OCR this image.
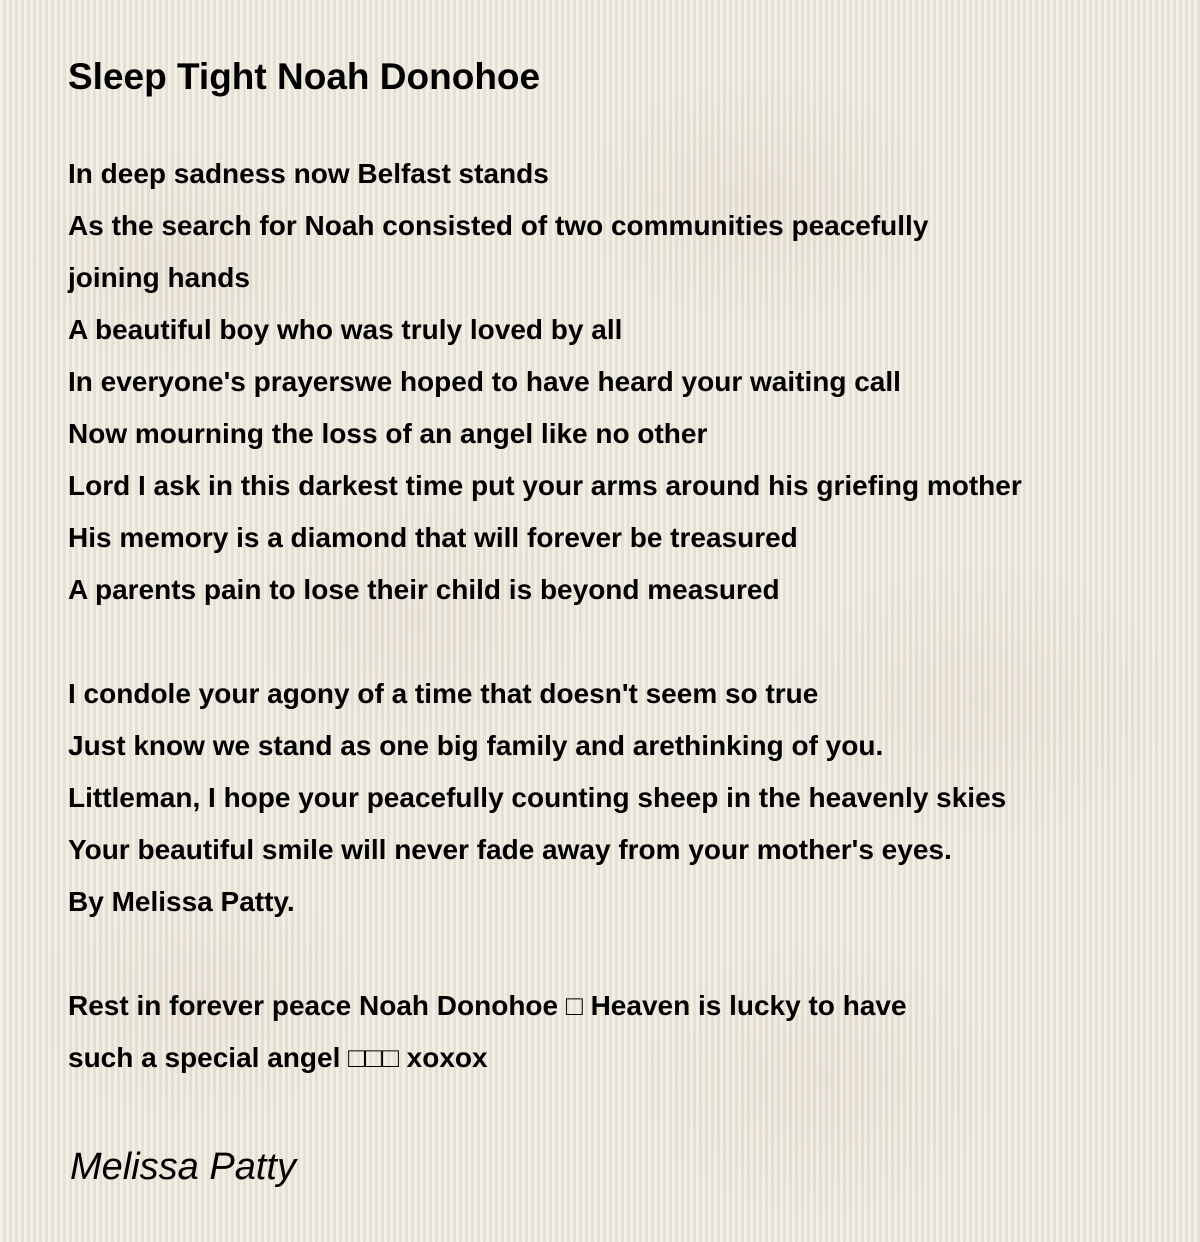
Sleep Tight Noah Donohoe
In deep sadness now Belfast stands
As the search for Noah consisted of two communities peacefully
joining hands
A beautiful boy who was truly loved by all
In everyone's prayerswe hoped to have heard your waiting call
Now mourning the loss of an angel like no other
Lord I ask in this darkest time put your arms around his griefing mother
His memory is a diamond that will forever be treasured
A parents pain to lose their child is beyond measured
I condole your agony of a time that doesn't seem so true
Just know we stand as one big family and arethinking of you.
Littleman, I hope your peacefully counting sheep in the heavenly skies
Your beautiful smile will never fade away from your mother's eyes.
By Melissa Patty.
Rest in forever peace Noah Donohoe □ Heaven is lucky to have
such a special angel □□□ xoxox
Melissa Patty
